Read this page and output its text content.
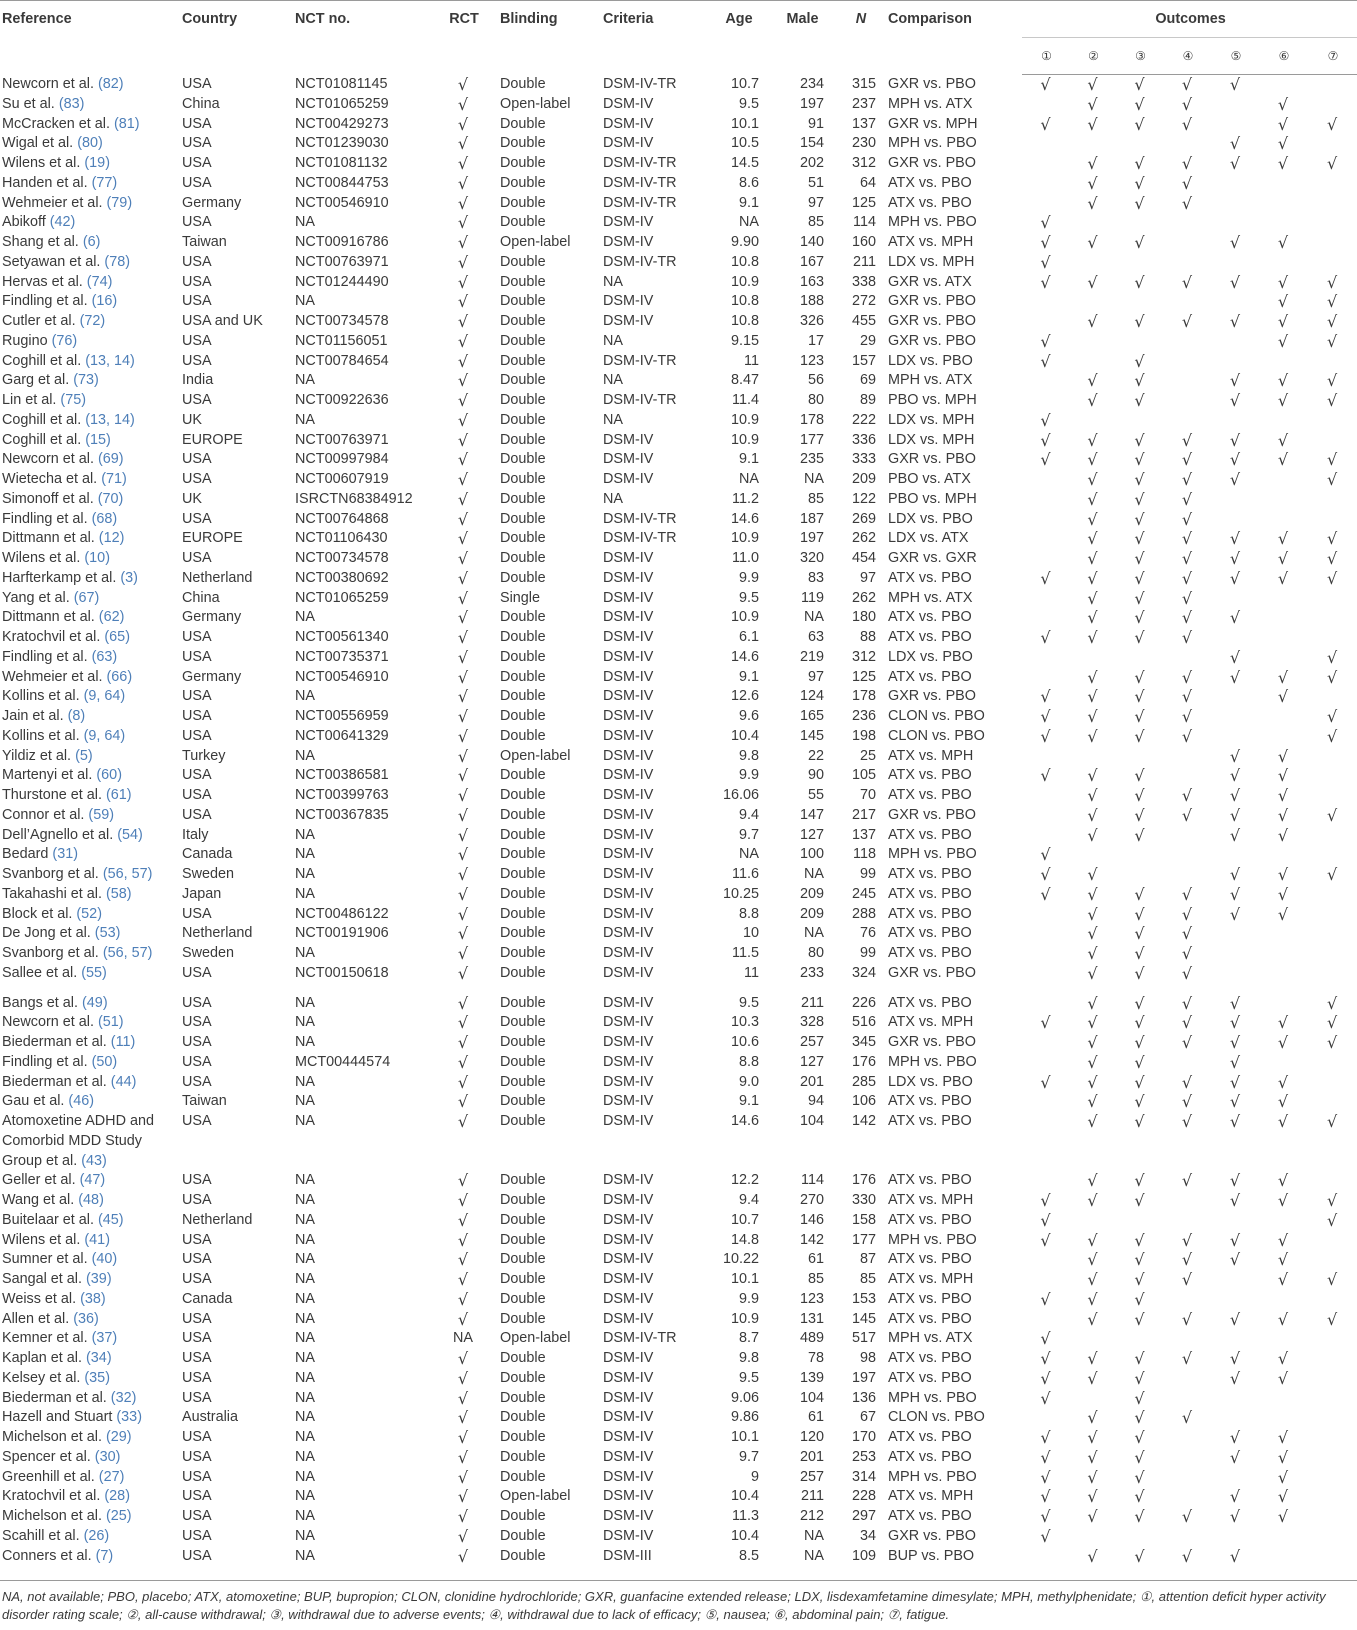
Reference	Country	NCT no.	RCT	Blinding	Criteria	Age	Male	N	Comparison	Outcomes						
										①	②	③	④	⑤	⑥	⑦
Newcorn et al. (82)	USA	NCT01081145	√	Double	DSM-IV-TR	10.7	234	315	GXR vs. PBO	√	√	√	√	√		
Su et al. (83)	China	NCT01065259	√	Open-label	DSM-IV	9.5	197	237	MPH vs. ATX		√	√	√		√	
McCracken et al. (81)	USA	NCT00429273	√	Double	DSM-IV	10.1	91	137	GXR vs. MPH	√	√	√	√		√	√
Wigal et al. (80)	USA	NCT01239030	√	Double	DSM-IV	10.5	154	230	MPH vs. PBO					√	√	
Wilens et al. (19)	USA	NCT01081132	√	Double	DSM-IV-TR	14.5	202	312	GXR vs. PBO		√	√	√	√	√	√
Handen et al. (77)	USA	NCT00844753	√	Double	DSM-IV-TR	8.6	51	64	ATX vs. PBO		√	√	√			
Wehmeier et al. (79)	Germany	NCT00546910	√	Double	DSM-IV-TR	9.1	97	125	ATX vs. PBO		√	√	√			
Abikoff (42)	USA	NA	√	Double	DSM-IV	NA	85	114	MPH vs. PBO	√						
Shang et al. (6)	Taiwan	NCT00916786	√	Open-label	DSM-IV	9.90	140	160	ATX vs. MPH	√	√	√		√	√	
Setyawan et al. (78)	USA	NCT00763971	√	Double	DSM-IV-TR	10.8	167	211	LDX vs. MPH	√						
Hervas et al. (74)	USA	NCT01244490	√	Double	NA	10.9	163	338	GXR vs. ATX	√	√	√	√	√	√	√
Findling et al. (16)	USA	NA	√	Double	DSM-IV	10.8	188	272	GXR vs. PBO						√	√
Cutler et al. (72)	USA and UK	NCT00734578	√	Double	DSM-IV	10.8	326	455	GXR vs. PBO		√	√	√	√	√	√
Rugino (76)	USA	NCT01156051	√	Double	NA	9.15	17	29	GXR vs. PBO	√					√	√
Coghill et al. (13, 14)	USA	NCT00784654	√	Double	DSM-IV-TR	11	123	157	LDX vs. PBO	√		√				
Garg et al. (73)	India	NA	√	Double	NA	8.47	56	69	MPH vs. ATX		√	√		√	√	√
Lin et al. (75)	USA	NCT00922636	√	Double	DSM-IV-TR	11.4	80	89	PBO vs. MPH		√	√		√	√	√
Coghill et al. (13, 14)	UK	NA	√	Double	NA	10.9	178	222	LDX vs. MPH	√						
Coghill et al. (15)	EUROPE	NCT00763971	√	Double	DSM-IV	10.9	177	336	LDX vs. MPH	√	√	√	√	√	√	
Newcorn et al. (69)	USA	NCT00997984	√	Double	DSM-IV	9.1	235	333	GXR vs. PBO	√	√	√	√	√	√	√
Wietecha et al. (71)	USA	NCT00607919	√	Double	DSM-IV	NA	NA	209	PBO vs. ATX		√	√	√	√		√
Simonoff et al. (70)	UK	ISRCTN68384912	√	Double	NA	11.2	85	122	PBO vs. MPH		√	√	√			
Findling et al. (68)	USA	NCT00764868	√	Double	DSM-IV-TR	14.6	187	269	LDX vs. PBO		√	√	√			
Dittmann et al. (12)	EUROPE	NCT01106430	√	Double	DSM-IV-TR	10.9	197	262	LDX vs. ATX		√	√	√	√	√	√
Wilens et al. (10)	USA	NCT00734578	√	Double	DSM-IV	11.0	320	454	GXR vs. GXR		√	√	√	√	√	√
Harfterkamp et al. (3)	Netherland	NCT00380692	√	Double	DSM-IV	9.9	83	97	ATX vs. PBO	√	√	√	√	√	√	√
Yang et al. (67)	China	NCT01065259	√	Single	DSM-IV	9.5	119	262	MPH vs. ATX		√	√	√			
Dittmann et al. (62)	Germany	NA	√	Double	DSM-IV	10.9	NA	180	ATX vs. PBO		√	√	√	√		
Kratochvil et al. (65)	USA	NCT00561340	√	Double	DSM-IV	6.1	63	88	ATX vs. PBO	√	√	√	√			
Findling et al. (63)	USA	NCT00735371	√	Double	DSM-IV	14.6	219	312	LDX vs. PBO					√		√
Wehmeier et al. (66)	Germany	NCT00546910	√	Double	DSM-IV	9.1	97	125	ATX vs. PBO		√	√	√	√	√	√
Kollins et al. (9, 64)	USA	NA	√	Double	DSM-IV	12.6	124	178	GXR vs. PBO	√	√	√	√		√	
Jain et al. (8)	USA	NCT00556959	√	Double	DSM-IV	9.6	165	236	CLON vs. PBO	√	√	√	√			√
Kollins et al. (9, 64)	USA	NCT00641329	√	Double	DSM-IV	10.4	145	198	CLON vs. PBO	√	√	√	√			√
Yildiz et al. (5)	Turkey	NA	√	Open-label	DSM-IV	9.8	22	25	ATX vs. MPH					√	√	
Martenyi et al. (60)	USA	NCT00386581	√	Double	DSM-IV	9.9	90	105	ATX vs. PBO	√	√	√		√	√	
Thurstone et al. (61)	USA	NCT00399763	√	Double	DSM-IV	16.06	55	70	ATX vs. PBO		√	√	√	√	√	
Connor et al. (59)	USA	NCT00367835	√	Double	DSM-IV	9.4	147	217	GXR vs. PBO		√	√	√	√	√	√
Dell’Agnello et al. (54)	Italy	NA	√	Double	DSM-IV	9.7	127	137	ATX vs. PBO		√	√		√	√	
Bedard (31)	Canada	NA	√	Double	DSM-IV	NA	100	118	MPH vs. PBO	√						
Svanborg et al. (56, 57)	Sweden	NA	√	Double	DSM-IV	11.6	NA	99	ATX vs. PBO	√	√			√	√	√
Takahashi et al. (58)	Japan	NA	√	Double	DSM-IV	10.25	209	245	ATX vs. PBO	√	√	√	√	√	√	
Block et al. (52)	USA	NCT00486122	√	Double	DSM-IV	8.8	209	288	ATX vs. PBO		√	√	√	√	√	
De Jong et al. (53)	Netherland	NCT00191906	√	Double	DSM-IV	10	NA	76	ATX vs. PBO		√	√	√			
Svanborg et al. (56, 57)	Sweden	NA	√	Double	DSM-IV	11.5	80	99	ATX vs. PBO		√	√	√			
Sallee et al. (55)	USA	NCT00150618	√	Double	DSM-IV	11	233	324	GXR vs. PBO		√	√	√			
Bangs et al. (49)	USA	NA	√	Double	DSM-IV	9.5	211	226	ATX vs. PBO		√	√	√	√		√
Newcorn et al. (51)	USA	NA	√	Double	DSM-IV	10.3	328	516	ATX vs. MPH	√	√	√	√	√	√	√
Biederman et al. (11)	USA	NA	√	Double	DSM-IV	10.6	257	345	GXR vs. PBO		√	√	√	√	√	√
Findling et al. (50)	USA	MCT00444574	√	Double	DSM-IV	8.8	127	176	MPH vs. PBO		√	√		√		
Biederman et al. (44)	USA	NA	√	Double	DSM-IV	9.0	201	285	LDX vs. PBO	√	√	√	√	√	√	
Gau et al. (46)	Taiwan	NA	√	Double	DSM-IV	9.1	94	106	ATX vs. PBO		√	√	√	√	√	
Atomoxetine ADHD and Comorbid MDD Study Group et al. (43)	USA	NA	√	Double	DSM-IV	14.6	104	142	ATX vs. PBO		√	√	√	√	√	√
Geller et al. (47)	USA	NA	√	Double	DSM-IV	12.2	114	176	ATX vs. PBO		√	√	√	√	√	
Wang et al. (48)	USA	NA	√	Double	DSM-IV	9.4	270	330	ATX vs. MPH	√	√	√		√	√	√
Buitelaar et al. (45)	Netherland	NA	√	Double	DSM-IV	10.7	146	158	ATX vs. PBO	√						√
Wilens et al. (41)	USA	NA	√	Double	DSM-IV	14.8	142	177	MPH vs. PBO	√	√	√	√	√	√	
Sumner et al. (40)	USA	NA	√	Double	DSM-IV	10.22	61	87	ATX vs. PBO		√	√	√	√	√	
Sangal et al. (39)	USA	NA	√	Double	DSM-IV	10.1	85	85	ATX vs. MPH		√	√	√		√	√
Weiss et al. (38)	Canada	NA	√	Double	DSM-IV	9.9	123	153	ATX vs. PBO	√	√	√				
Allen et al. (36)	USA	NA	√	Double	DSM-IV	10.9	131	145	ATX vs. PBO		√	√	√	√	√	√
Kemner et al. (37)	USA	NA	NA	Open-label	DSM-IV-TR	8.7	489	517	MPH vs. ATX	√						
Kaplan et al. (34)	USA	NA	√	Double	DSM-IV	9.8	78	98	ATX vs. PBO	√	√	√	√	√	√	
Kelsey et al. (35)	USA	NA	√	Double	DSM-IV	9.5	139	197	ATX vs. PBO	√	√	√		√	√	
Biederman et al. (32)	USA	NA	√	Double	DSM-IV	9.06	104	136	MPH vs. PBO	√		√				
Hazell and Stuart (33)	Australia	NA	√	Double	DSM-IV	9.86	61	67	CLON vs. PBO		√	√	√			
Michelson et al. (29)	USA	NA	√	Double	DSM-IV	10.1	120	170	ATX vs. PBO	√	√	√		√	√	
Spencer et al. (30)	USA	NA	√	Double	DSM-IV	9.7	201	253	ATX vs. PBO	√	√	√		√	√	
Greenhill et al. (27)	USA	NA	√	Double	DSM-IV	9	257	314	MPH vs. PBO	√	√	√			√	
Kratochvil et al. (28)	USA	NA	√	Open-label	DSM-IV	10.4	211	228	ATX vs. MPH	√	√	√		√	√	
Michelson et al. (25)	USA	NA	√	Double	DSM-IV	11.3	212	297	ATX vs. PBO	√	√	√	√	√	√	
Scahill et al. (26)	USA	NA	√	Double	DSM-IV	10.4	NA	34	GXR vs. PBO	√						
Conners et al. (7)	USA	NA	√	Double	DSM-III	8.5	NA	109	BUP vs. PBO		√	√	√	√		
NA, not available; PBO, placebo; ATX, atomoxetine; BUP, bupropion; CLON, clonidine hydrochloride; GXR, guanfacine extended release; LDX, lisdexamfetamine dimesylate; MPH, methylphenidate; ①, attention deficit hyper activity disorder rating scale; ②, all-cause withdrawal; ③, withdrawal due to adverse events; ④, withdrawal due to lack of efficacy; ⑤, nausea; ⑥, abdominal pain; ⑦, fatigue.
